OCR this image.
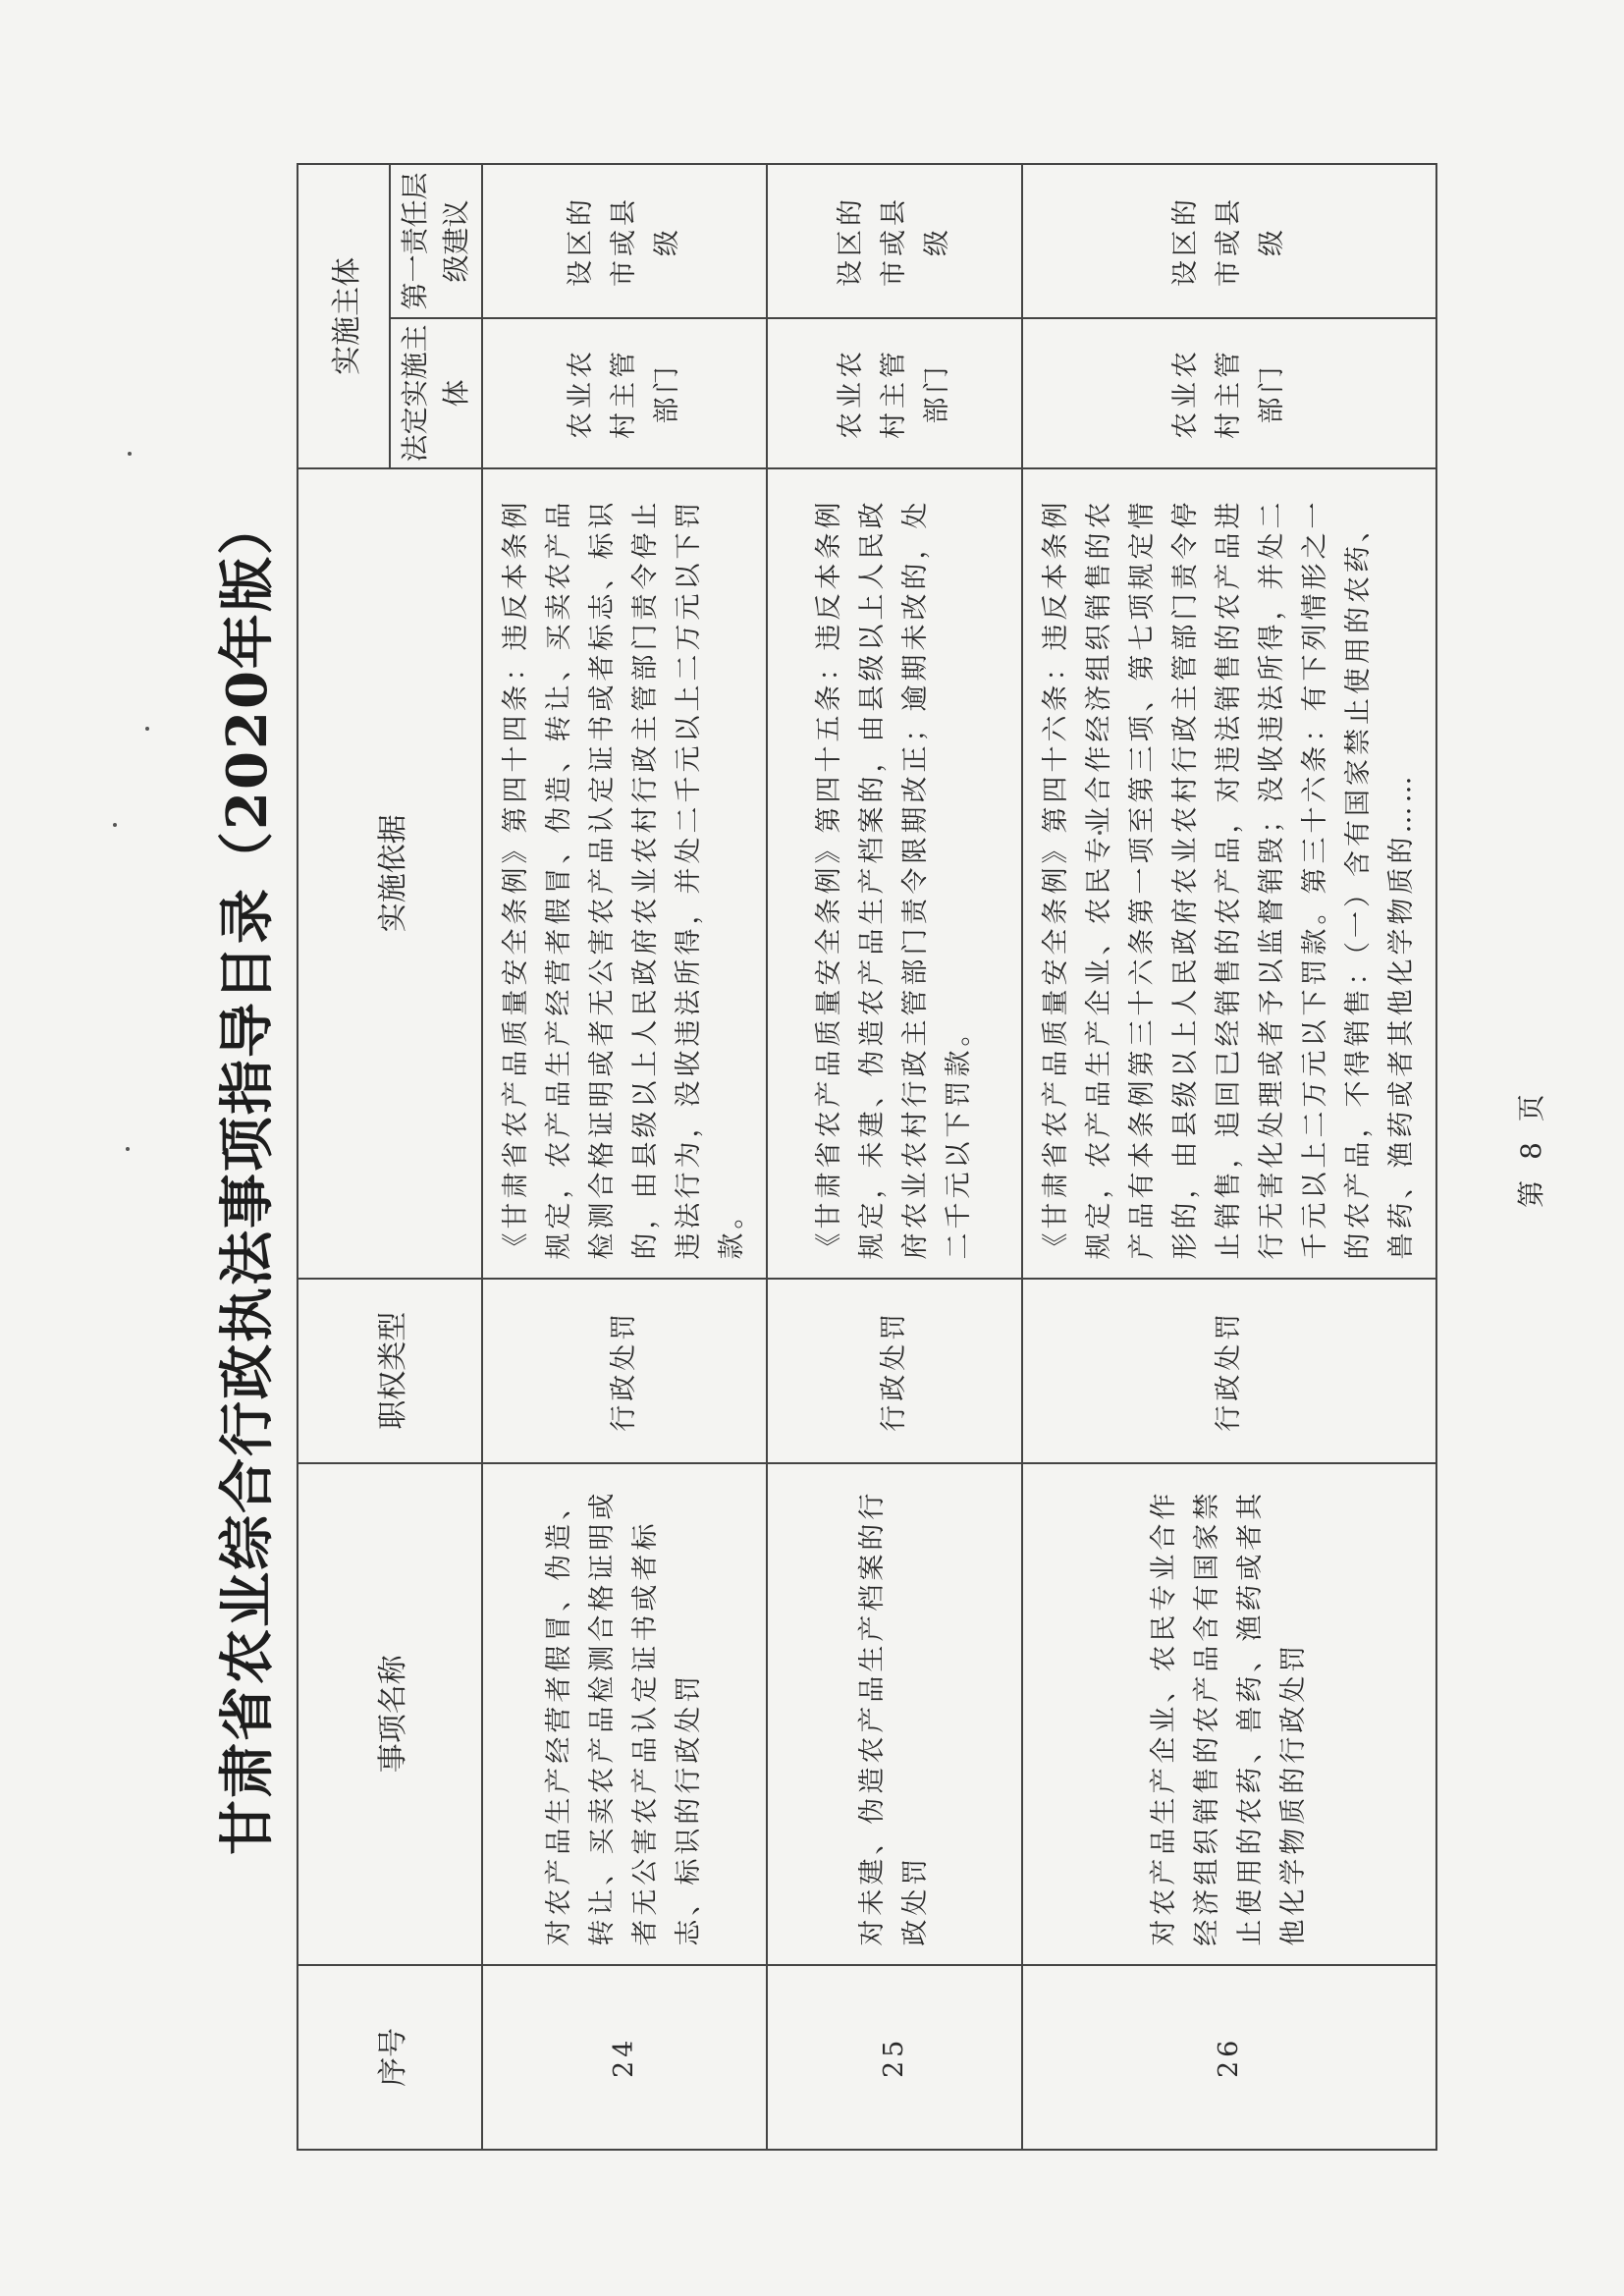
甘肃省农业综合行政执法事项指导目录（2020年版）
序号	事项名称	职权类型	实施依据	实施主体	
				法定实施主体	第一责任层级建议
24	对农产品生产经营者假冒、伪造、转让、买卖农产品检测合格证明或者无公害农产品认定证书或者标志、标识的行政处罚	行政处罚	《甘肃省农产品质量安全条例》第四十四条：违反本条例规定，农产品生产经营者假冒、伪造、转让、买卖农产品检测合格证明或者无公害农产品认定证书或者标志、标识的，由县级以上人民政府农业农村行政主管部门责令停止违法行为，没收违法所得，并处二千元以上二万元以下罚款。	农业农村主管部门	设区的市或县级
25	对未建、伪造农产品生产档案的行政处罚	行政处罚	《甘肃省农产品质量安全条例》第四十五条：违反本条例规定，未建、伪造农产品生产档案的，由县级以上人民政府农业农村行政主管部门责令限期改正；逾期未改的，处二千元以下罚款。	农业农村主管部门	设区的市或县级
26	对农产品生产企业、农民专业合作经济组织销售的农产品含有国家禁止使用的农药、兽药、渔药或者其他化学物质的行政处罚	行政处罚	《甘肃省农产品质量安全条例》第四十六条：违反本条例规定，农产品生产企业、农民专业合作经济组织销售的农产品有本条例第三十六条第一项至第三项、第七项规定情形的，由县级以上人民政府农业农村行政主管部门责令停止销售，追回已经销售的农产品，对违法销售的农产品进行无害化处理或者予以监督销毁；没收违法所得，并处二千元以上二万元以下罚款。第三十六条：有下列情形之一的农产品，不得销售：（一）含有国家禁止使用的农药、兽药、渔药或者其他化学物质的……	农业农村主管部门	设区的市或县级
第 8 页
